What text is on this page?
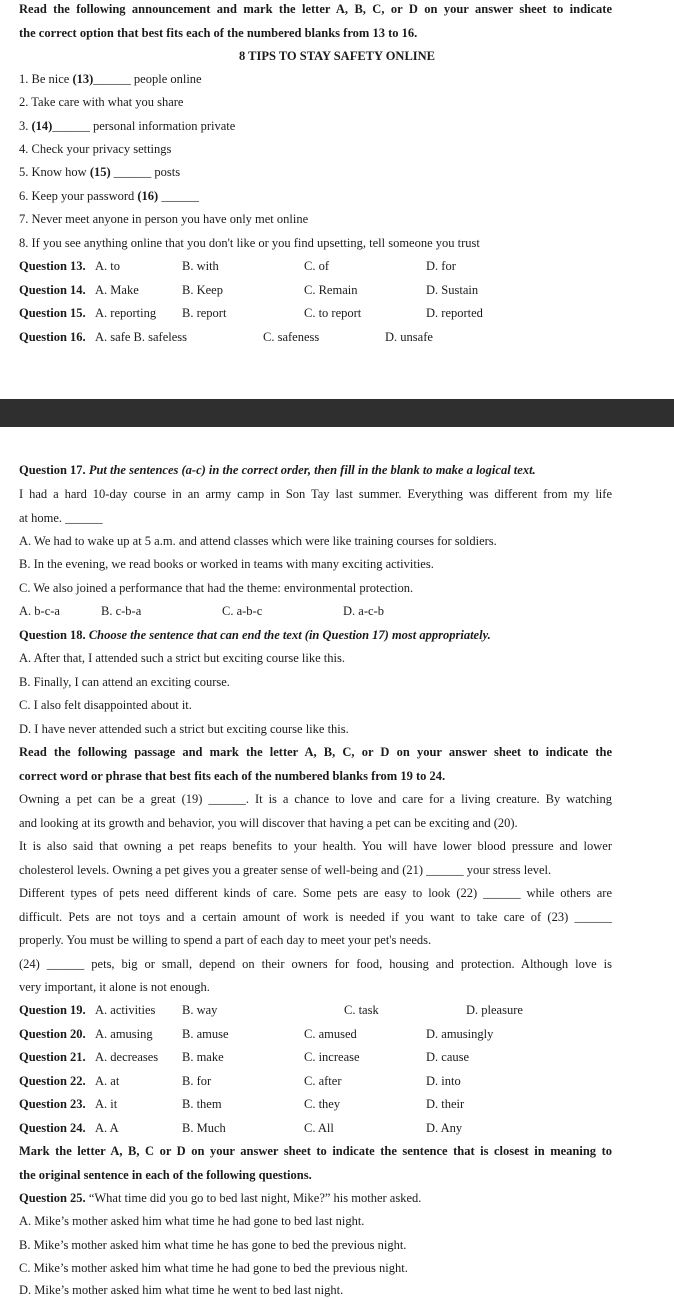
Read the following announcement and mark the letter A, B, C, or D on your answer sheet to indicate
the correct option that best fits each of the numbered blanks from 13 to 16.
8 TIPS TO STAY SAFETY ONLINE
1. Be nice (13)______ people online
2. Take care with what you share
3. (14)______ personal information private
4. Check your privacy settings
5. Know how (15) ______ posts
6. Keep your password (16) ______
7. Never meet anyone in person you have only met online
8. If you see anything online that you don't like or you find upsetting, tell someone you trust
Question 13. A. to	B. with	C. of	D. for
Question 14. A. Make	B. Keep	C. Remain	D. Sustain
Question 15. A. reporting B. report	C. to report	D. reported
Question 16. A. safe B. safeless	C. safeness	D. unsafe
Question 17. Put the sentences (a-c) in the correct order, then fill in the blank to make a logical text.
I had a hard 10-day course in an army camp in Son Tay last summer. Everything was different from my life
at home. ______
A. We had to wake up at 5 a.m. and attend classes which were like training courses for soldiers.
B. In the evening, we read books or worked in teams with many exciting activities.
C. We also joined a performance that had the theme: environmental protection.
A. b-c-a	B. c-b-a	C. a-b-c	D. a-c-b
Question 18. Choose the sentence that can end the text (in Question 17) most appropriately.
A. After that, I attended such a strict but exciting course like this.
B. Finally, I can attend an exciting course.
C. I also felt disappointed about it.
D. I have never attended such a strict but exciting course like this.
Read the following passage and mark the letter A, B, C, or D on your answer sheet to indicate the
correct word or phrase that best fits each of the numbered blanks from 19 to 24.
Owning a pet can be a great (19) ______. It is a chance to love and care for a living creature. By watching
and looking at its growth and behavior, you will discover that having a pet can be exciting and (20).
It is also said that owning a pet reaps benefits to your health. You will have lower blood pressure and lower
cholesterol levels. Owning a pet gives you a greater sense of well-being and (21) ______ your stress level.
Different types of pets need different kinds of care. Some pets are easy to look (22) ______ while others are
difficult. Pets are not toys and a certain amount of work is needed if you want to take care of (23) ______
properly. You must be willing to spend a part of each day to meet your pet's needs.
(24) ______ pets, big or small, depend on their owners for food, housing and protection. Although love is
very important, it alone is not enough.
Question 19. A. activities B. way	C. task	D. pleasure
Question 20. A. amusing B. amuse	C. amused	D. amusingly
Question 21. A. decreases B. make	C. increase	D. cause
Question 22. A. at	B. for	C. after	D. into
Question 23. A. it	B. them	C. they	D. their
Question 24. A. A	B. Much	C. All	D. Any
Mark the letter A, B, C or D on your answer sheet to indicate the sentence that is closest in meaning to
the original sentence in each of the following questions.
Question 25. “What time did you go to bed last night, Mike?” his mother asked.
A. Mike’s mother asked him what time he had gone to bed last night.
B. Mike’s mother asked him what time he has gone to bed the previous night.
C. Mike’s mother asked him what time he had gone to bed the previous night.
D. Mike’s mother asked him what time he went to bed last night.
